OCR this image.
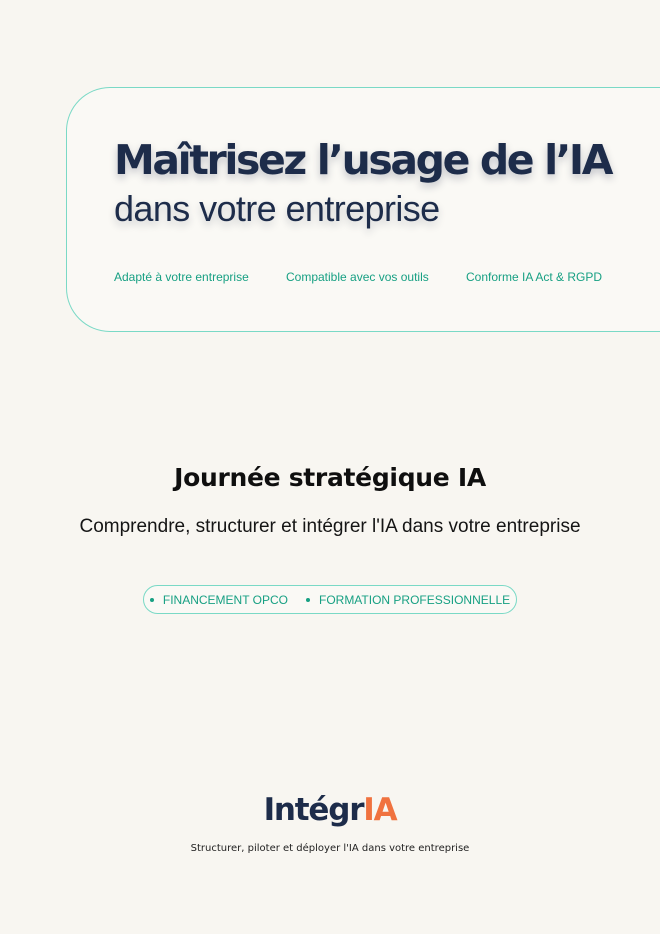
Maîtrisez l’usage de l’IA
dans votre entreprise
Adapté à votre entreprise	Compatible avec vos outils	Conforme IA Act & RGPD
Journée stratégique IA
Comprendre, structurer et intégrer l'IA dans votre entreprise
FINANCEMENT OPCO	FORMATION PROFESSIONNELLE
IntégrIA
Structurer, piloter et déployer l'IA dans votre entreprise
